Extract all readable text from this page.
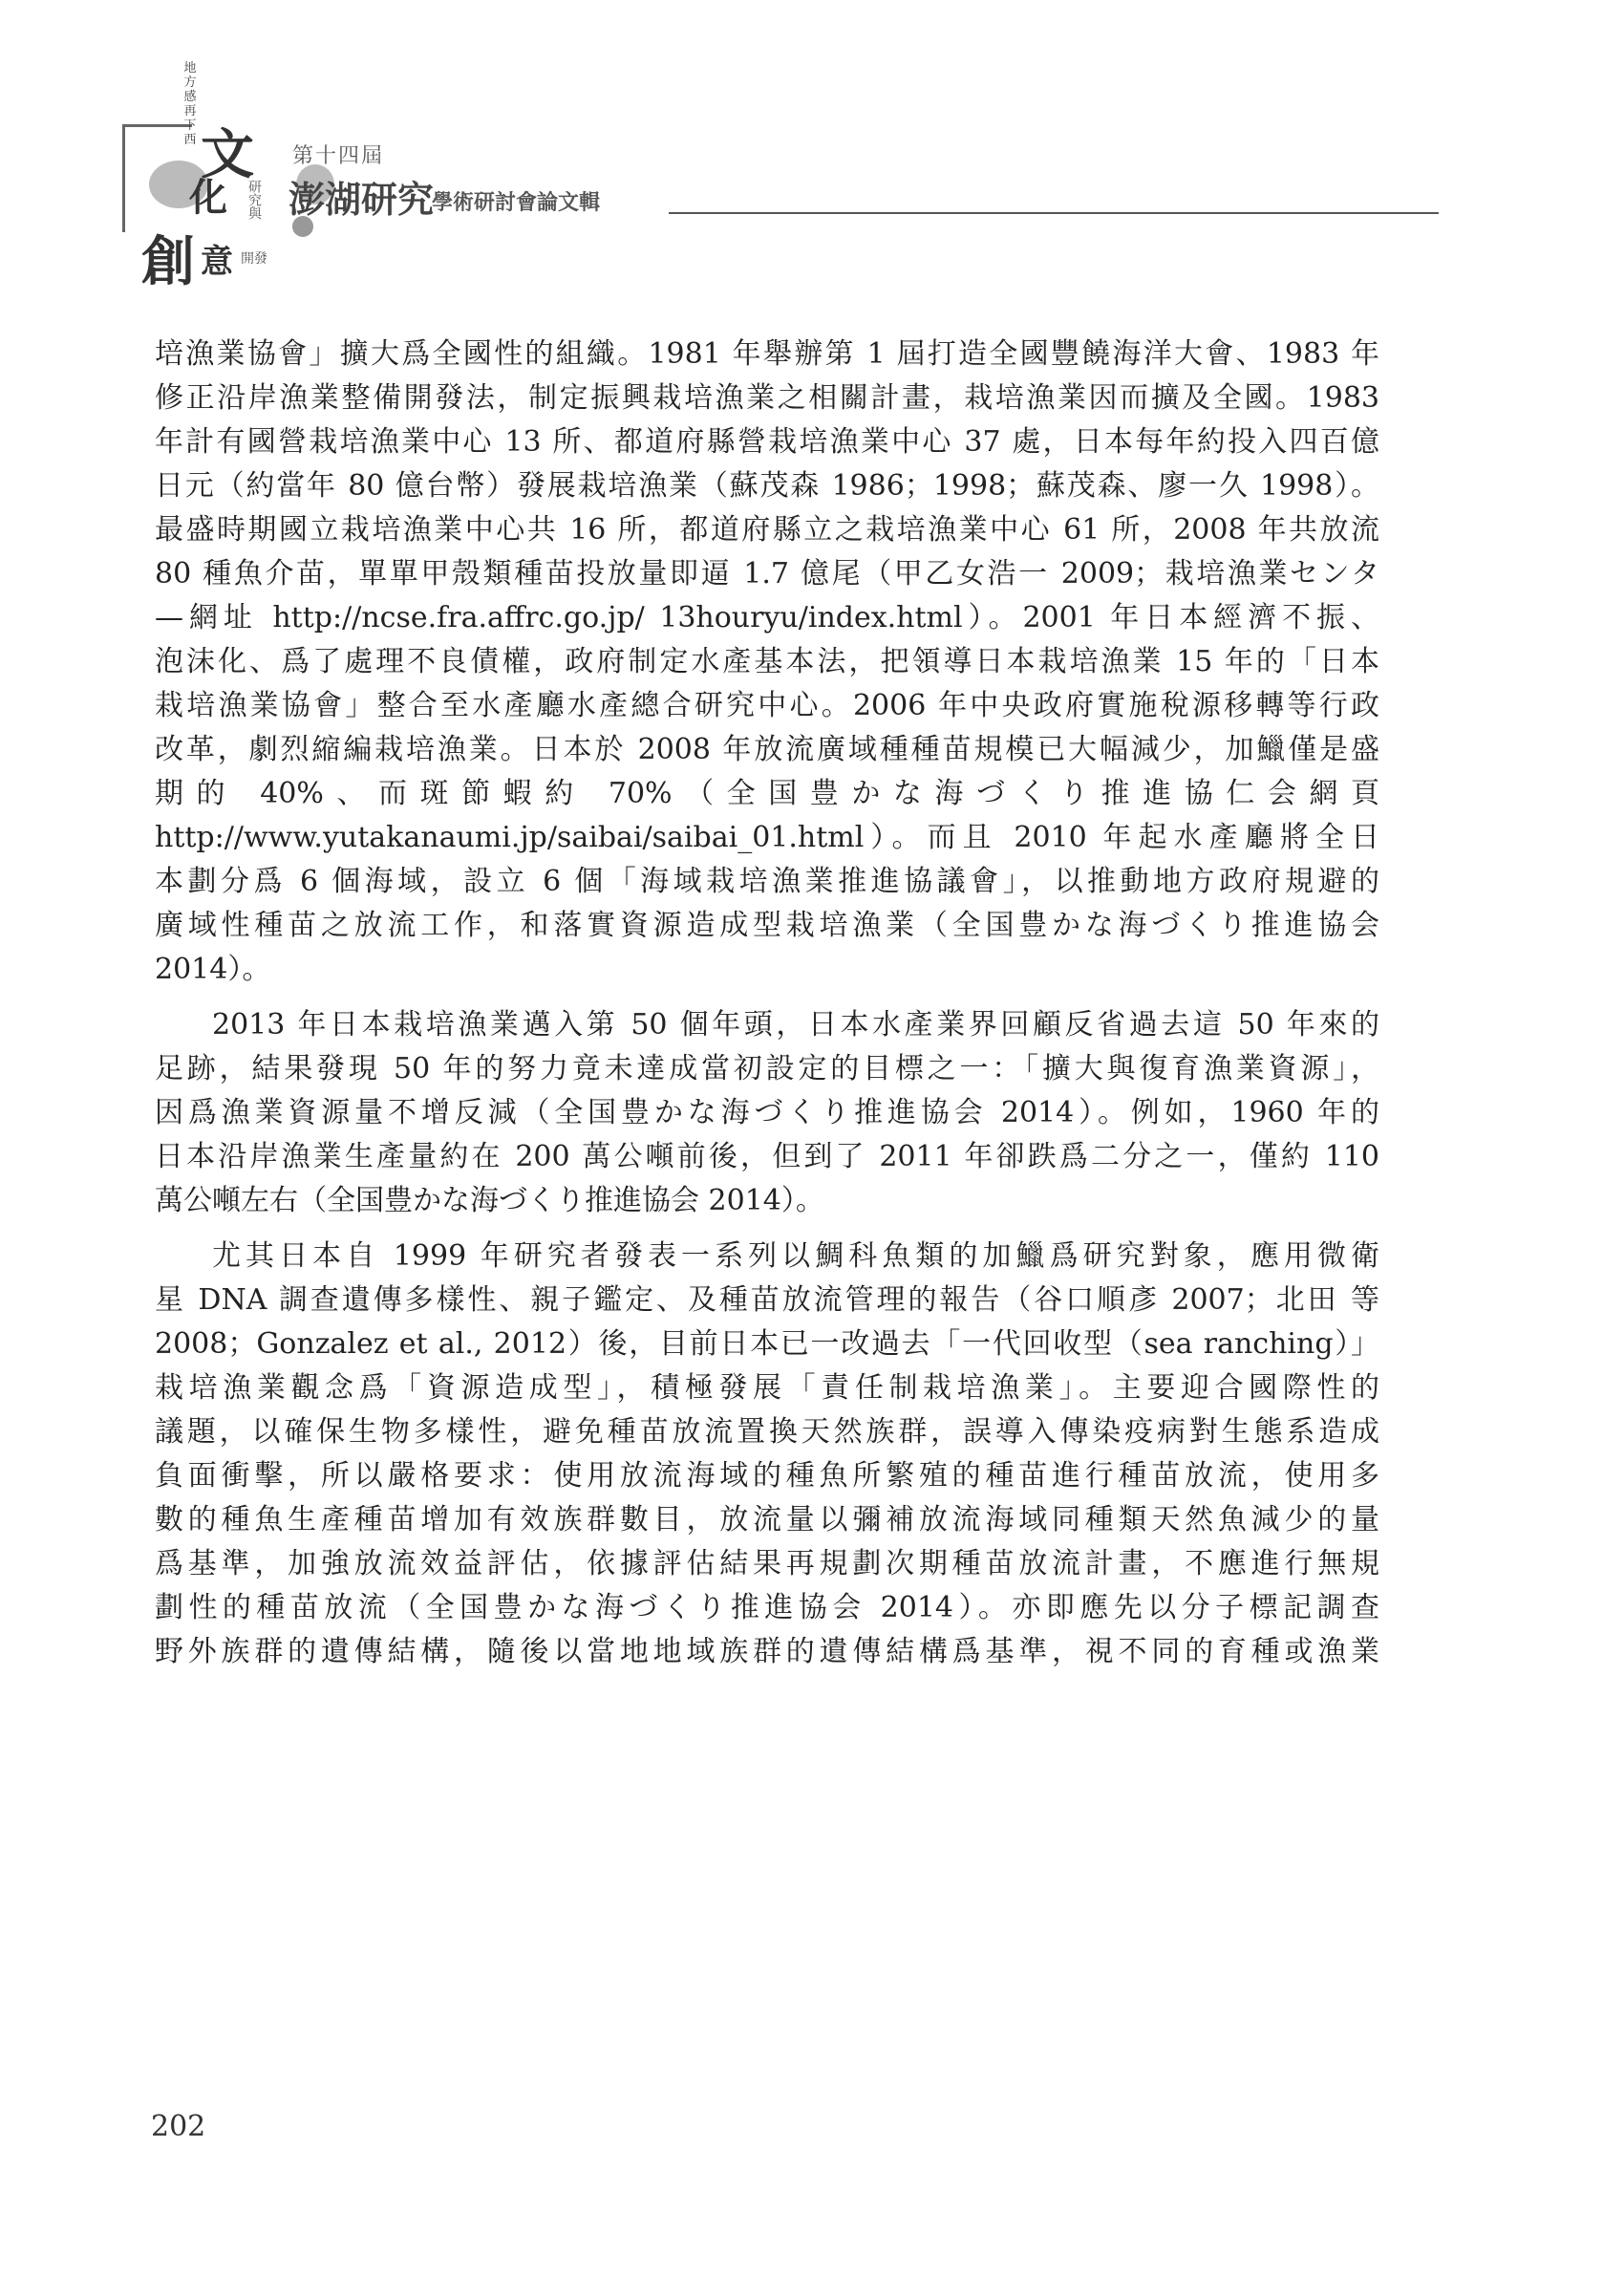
地方感再下西 文
化 研究與
創 意 開發
第十四屆
澎湖研究
學術研討會論文輯
培漁業協會」擴大爲全國性的組織。1981 年舉辦第 1 屆打造全國豐饒海洋大會、1983 年
修正沿岸漁業整備開發法，制定振興栽培漁業之相關計畫，栽培漁業因而擴及全國。1983
年計有國營栽培漁業中心 13 所、都道府縣營栽培漁業中心 37 處，日本每年約投入四百億
日元（約當年 80 億台幣）發展栽培漁業（蘇茂森 1986；1998；蘇茂森、廖一久 1998）。
最盛時期國立栽培漁業中心共 16 所，都道府縣立之栽培漁業中心 61 所，2008 年共放流
80 種魚介苗，單單甲殼類種苗投放量即逼 1.7 億尾（甲乙女浩一 2009；栽培漁業センタ
—網址 http://ncse.fra.affrc.go.jp/ 13houryu/index.html）。2001 年日本經濟不振、
泡沫化、爲了處理不良債權，政府制定水產基本法，把領導日本栽培漁業 15 年的「日本
栽培漁業協會」整合至水產廳水產總合研究中心。2006 年中央政府實施稅源移轉等行政
改革，劇烈縮編栽培漁業。日本於 2008 年放流廣域種種苗規模已大幅減少，加鱲僅是盛
期的 40%、而斑節蝦約 70%（全国豊かな海づくり推進協仁会網頁
http://www.yutakanaumi.jp/saibai/saibai_01.html）。而且 2010 年起水產廳將全日
本劃分爲 6 個海域，設立 6 個「海域栽培漁業推進協議會」，以推動地方政府規避的
廣域性種苗之放流工作，和落實資源造成型栽培漁業（全国豊かな海づくり推進協会
2014）。
2013 年日本栽培漁業邁入第 50 個年頭，日本水產業界回顧反省過去這 50 年來的
足跡，結果發現 50 年的努力竟未達成當初設定的目標之一：「擴大與復育漁業資源」，
因爲漁業資源量不增反減（全国豊かな海づくり推進協会 2014）。例如，1960 年的
日本沿岸漁業生產量約在 200 萬公噸前後，但到了 2011 年卻跌爲二分之一，僅約 110
萬公噸左右（全国豊かな海づくり推進協会 2014）。
尤其日本自 1999 年研究者發表一系列以鯛科魚類的加鱲爲研究對象，應用微衛
星 DNA 調查遺傳多樣性、親子鑑定、及種苗放流管理的報告（谷口順彥 2007；北田 等
2008；Gonzalez et al., 2012）後，目前日本已一改過去「一代回收型（sea ranching）」
栽培漁業觀念爲「資源造成型」，積極發展「責任制栽培漁業」。主要迎合國際性的
議題，以確保生物多樣性，避免種苗放流置換天然族群，誤導入傳染疫病對生態系造成
負面衝擊，所以嚴格要求：使用放流海域的種魚所繁殖的種苗進行種苗放流，使用多
數的種魚生產種苗增加有效族群數目，放流量以彌補放流海域同種類天然魚減少的量
爲基準，加強放流效益評估，依據評估結果再規劃次期種苗放流計畫，不應進行無規
劃性的種苗放流（全国豊かな海づくり推進協会 2014）。亦即應先以分子標記調查
野外族群的遺傳結構，隨後以當地地域族群的遺傳結構爲基準，視不同的育種或漁業
202
